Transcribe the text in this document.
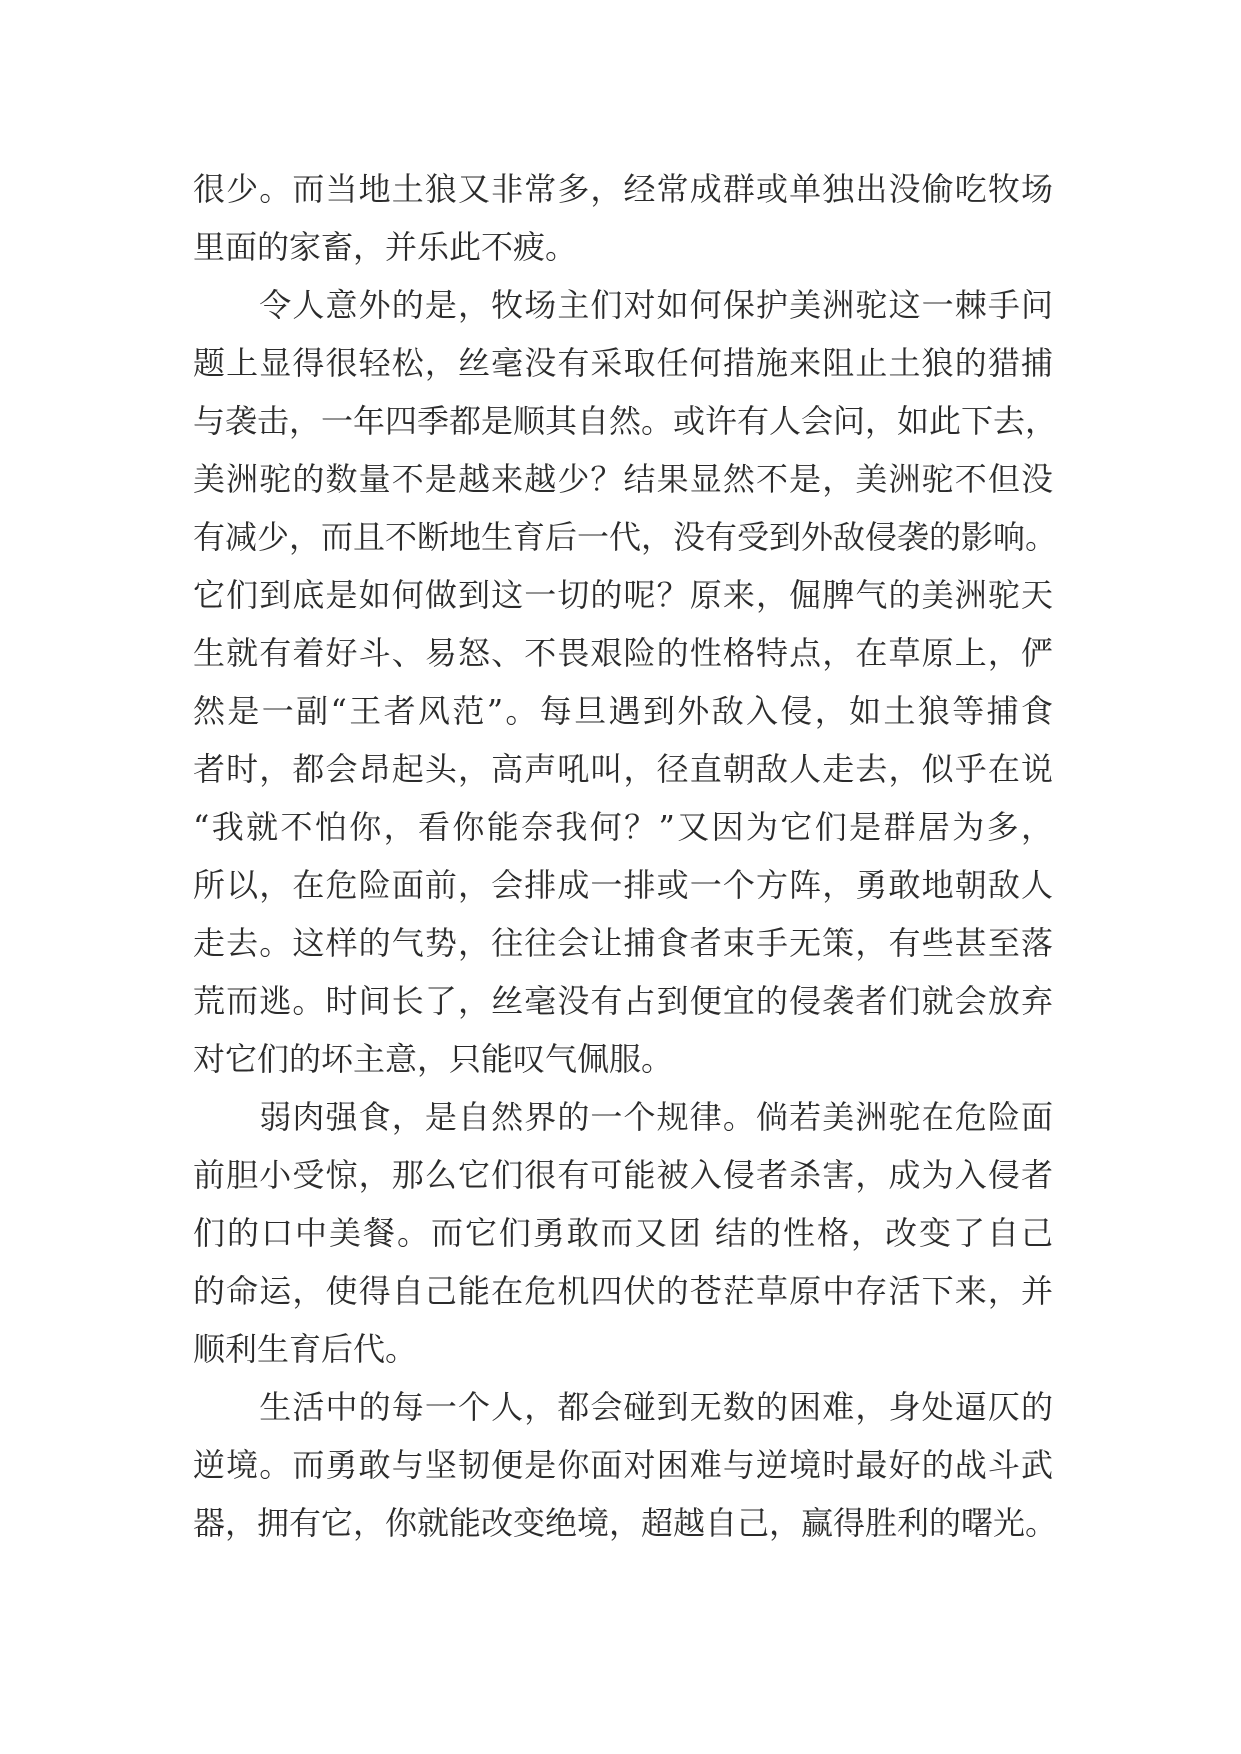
很少。而当地土狼又非常多，经常成群或单独出没偷吃牧场
里面的家畜，并乐此不疲。
　　令人意外的是，牧场主们对如何保护美洲驼这一棘手问
题上显得很轻松，丝毫没有采取任何措施来阻止土狼的猎捕
与袭击，一年四季都是顺其自然。或许有人会问，如此下去，
美洲驼的数量不是越来越少？结果显然不是，美洲驼不但没
有减少，而且不断地生育后一代，没有受到外敌侵袭的影响。
它们到底是如何做到这一切的呢？原来，倔脾气的美洲驼天
生就有着好斗、易怒、不畏艰险的性格特点，在草原上，俨
然是一副“王者风范”。每旦遇到外敌入侵，如土狼等捕食
者时，都会昂起头，高声吼叫，径直朝敌人走去，似乎在说
“我就不怕你，看你能奈我何？”又因为它们是群居为多，
所以，在危险面前，会排成一排或一个方阵，勇敢地朝敌人
走去。这样的气势，往往会让捕食者束手无策，有些甚至落
荒而逃。时间长了，丝毫没有占到便宜的侵袭者们就会放弃
对它们的坏主意，只能叹气佩服。
　　弱肉强食，是自然界的一个规律。倘若美洲驼在危险面
前胆小受惊，那么它们很有可能被入侵者杀害，成为入侵者
们的口中美餐。而它们勇敢而又团 结的性格，改变了自己
的命运，使得自己能在危机四伏的苍茫草原中存活下来，并
顺利生育后代。
　　生活中的每一个人，都会碰到无数的困难，身处逼仄的
逆境。而勇敢与坚韧便是你面对困难与逆境时最好的战斗武
器，拥有它，你就能改变绝境，超越自己，赢得胜利的曙光。
